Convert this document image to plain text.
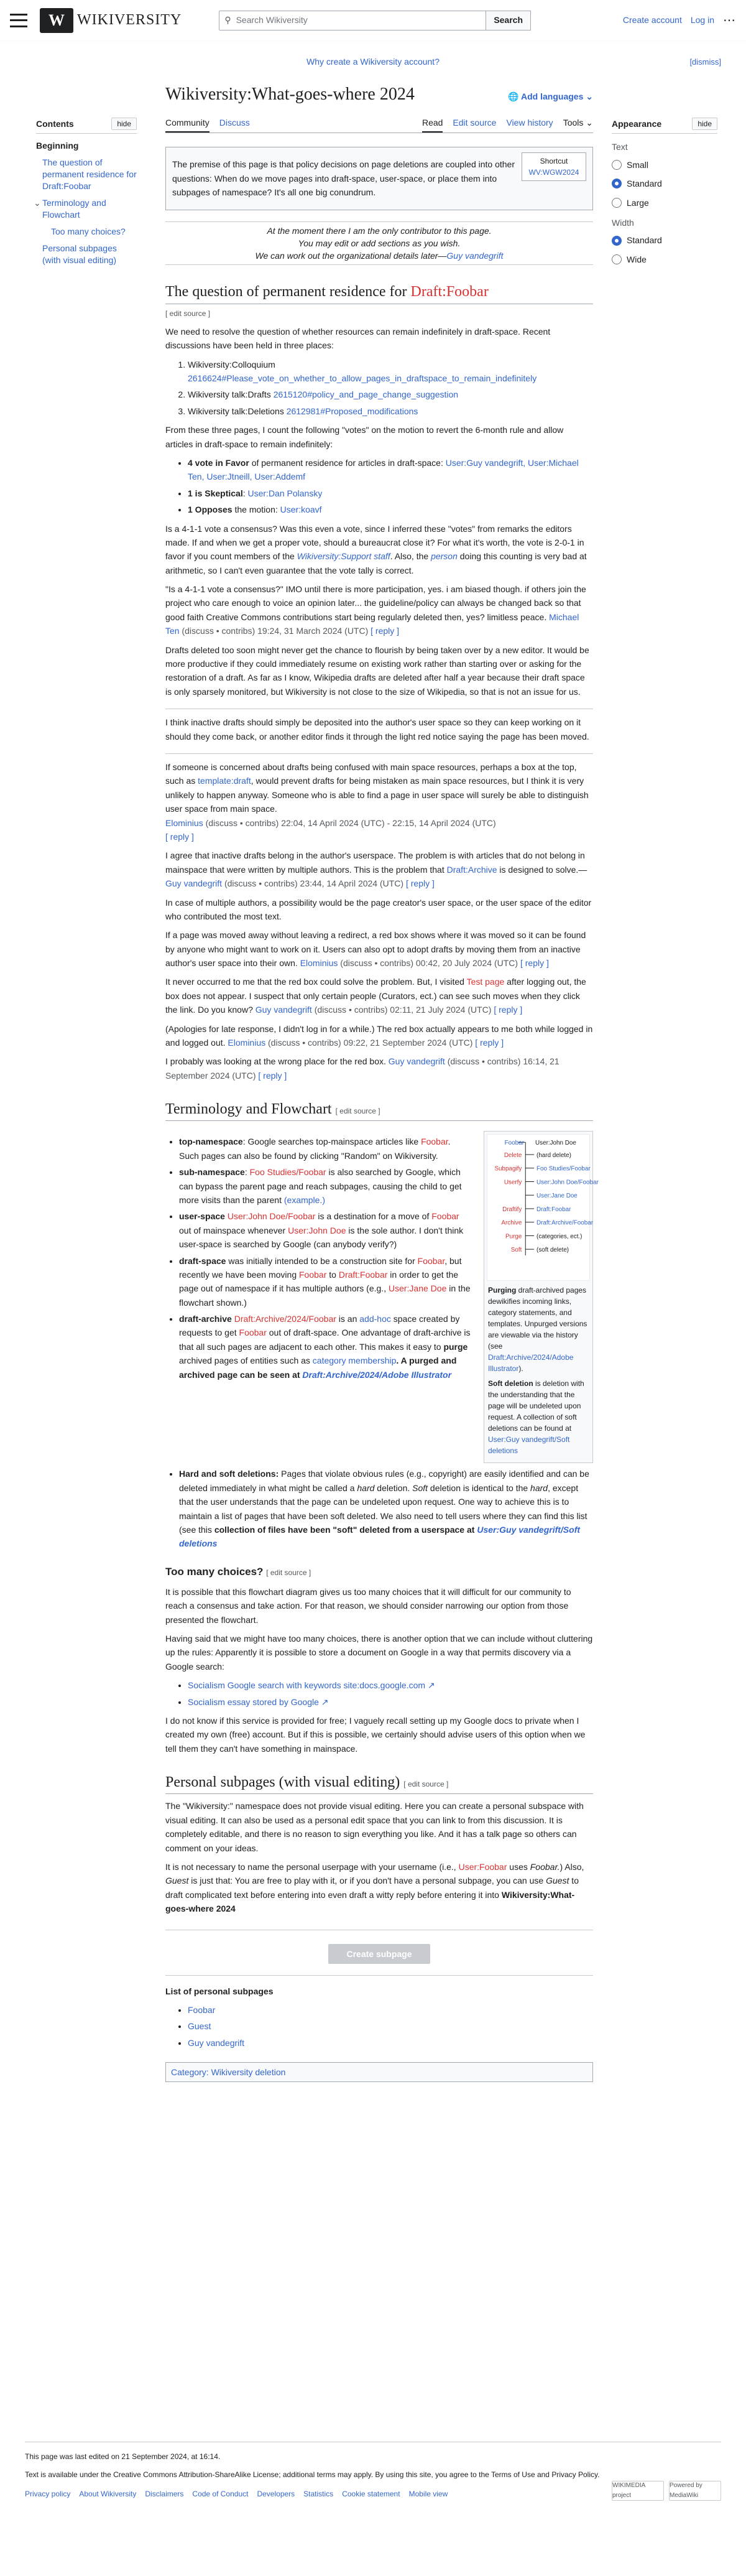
W WIKIVERSITY	⚲ Search Wikiversity	Search	Create account Log in ⋯
Why create a Wikiversity account?	[dismiss]
Contents	hide
Beginning
The question of permanent residence for Draft:Foobar
⌄ Terminology and Flowchart
Too many choices?
Personal subpages (with visual editing)
Appearance	hide
Text
Small
Standard
Large
Width
Standard
Wide
Wikiversity:What-goes-where 2024	🌐 Add languages ⌄
Community Discuss	Read Edit source View history Tools ⌄

The premise of this page is that policy decisions on page deletions are coupled into other questions: When do we move pages into draft-space, user-space, or place them into subpages of namespace? It's all one big conundrum.

Shortcut
WV:WGW2024
At the moment there I am the only contributor to this page.
You may edit or add sections as you wish.
We can work out the organizational details later—Guy vandegrift
The question of permanent residence for Draft:Foobar
[ edit source ]

We need to resolve the question of whether resources can remain indefinitely in draft-space. Recent discussions have been held in three places:

1. Wikiversity:Colloquium
2616624#Please_vote_on_whether_to_allow_pages_in_draftspace_to_remain_indefinitely
2. Wikiversity talk:Drafts 2615120#policy_and_page_change_suggestion
3. Wikiversity talk:Deletions 2612981#Proposed_modifications

From these three pages, I count the following "votes" on the motion to revert the 6-month rule and allow articles in draft-space to remain indefinitely:

• 4 vote in Favor of permanent residence for articles in draft-space: User:Guy vandegrift, User:Michael Ten, User:Jtneill, User:Addemf
• 1 is Skeptical: User:Dan Polansky
• 1 Opposes the motion: User:koavf

Is a 4-1-1 vote a consensus? Was this even a vote, since I inferred these "votes" from remarks the editors made. If and when we get a proper vote, should a bureaucrat close it? For what it's worth, the vote is 2-0-1 in favor if you count members of the Wikiversity:Support staff. Also, the person doing this counting is very bad at arithmetic, so I can't even guarantee that the vote tally is correct.

"Is a 4-1-1 vote a consensus?" IMO until there is more participation, yes. i am biased though. if others join the project who care enough to voice an opinion later... the guideline/policy can always be changed back so that good faith Creative Commons contributions start being regularly deleted then, yes? limitless peace. Michael Ten (discuss • contribs) 19:24, 31 March 2024 (UTC) [ reply ]

Drafts deleted too soon might never get the chance to flourish by being taken over by a new editor. It would be more productive if they could immediately resume on existing work rather than starting over or asking for the restoration of a draft. As far as I know, Wikipedia drafts are deleted after half a year because their draft space is only sparsely monitored, but Wikiversity is not close to the size of Wikipedia, so that is not an issue for us.

I think inactive drafts should simply be deposited into the author's user space so they can keep working on it should they come back, or another editor finds it through the light red notice saying the page has been moved.

If someone is concerned about drafts being confused with main space resources, perhaps a box at the top, such as template:draft, would prevent drafts for being mistaken as main space resources, but I think it is very unlikely to happen anyway. Someone who is able to find a page in user space will surely be able to distinguish user space from main space.
Elominius (discuss • contribs) 22:04, 14 April 2024 (UTC) - 22:15, 14 April 2024 (UTC)
[ reply ]

I agree that inactive drafts belong in the author's userspace. The problem is with articles that do not belong in mainspace that were written by multiple authors. This is the problem that Draft:Archive is designed to solve.—Guy vandegrift (discuss • contribs) 23:44, 14 April 2024 (UTC) [ reply ]

In case of multiple authors, a possibility would be the page creator's user space, or the user space of the editor who contributed the most text.

If a page was moved away without leaving a redirect, a red box shows where it was moved so it can be found by anyone who might want to work on it. Users can also opt to adopt drafts by moving them from an inactive author's user space into their own. Elominius (discuss • contribs) 00:42, 20 July 2024 (UTC) [ reply ]

It never occurred to me that the red box could solve the problem. But, I visited Test page after logging out, the box does not appear. I suspect that only certain people (Curators, ect.) can see such moves when they click the link. Do you know? Guy vandegrift (discuss • contribs) 02:11, 21 July 2024 (UTC) [ reply ]

(Apologies for late response, I didn't log in for a while.) The red box actually appears to me both while logged in and logged out. Elominius (discuss • contribs) 09:22, 21 September 2024 (UTC) [ reply ]

I probably was looking at the wrong place for the red box. Guy vandegrift (discuss • contribs) 16:14, 21 September 2024 (UTC) [ reply ]

Terminology and Flowchart [ edit source ]
• top-namespace: Google searches top-mainspace articles like Foobar. Such pages can also be found by clicking "Random" on Wikiversity.
• sub-namespace: Foo Studies/Foobar is also searched by Google, which can bypass the parent page and reach subpages, causing the child to get more visits than the parent (example.)
• user-space User:John Doe/Foobar is a destination for a move of Foobar out of mainspace whenever User:John Doe is the sole author. I don't think user-space is searched by Google (can anybody verify?)
• draft-space was initially intended to be a construction site for Foobar, but recently we have been moving Foobar to Draft:Foobar in order to get the page out of namespace if it has multiple authors (e.g., User:Jane Doe in the flowchart shown.)
• draft-archive Draft:Archive/2024/Foobar is an add-hoc space created by requests to get Foobar out of draft-space. One advantage of draft-archive is that all such pages are adjacent to each other. This makes it easy to purge archived pages of entities such as category membership. A purged and archived page can be seen at Draft:Archive/2024/Adobe Illustrator
Delete (hard delete)
Subpagify Foo Studies/Foobar
Userfy User:John Doe/Foobar
User:Jane Doe
Draftify Draft:Foobar
Archive Draft:Archive/Foobar
Purge (categories, ect.)
Soft (soft delete)
Foobar User:John Doe

Purging draft-archived pages dewikifies incoming links, category statements, and templates. Unpurged versions are viewable via the history (see Draft:Archive/2024/Adobe Illustrator).

Soft deletion is deletion with the understanding that the page will be undeleted upon request. A collection of soft deletions can be found at User:Guy vandegrift/Soft deletions

• Hard and soft deletions: Pages that violate obvious rules (e.g., copyright) are easily identified and can be deleted immediately in what might be called a hard deletion. Soft deletion is identical to the hard, except that the user understands that the page can be undeleted upon request. One way to achieve this is to maintain a list of pages that have been soft deleted. We also need to tell users where they can find this list (see this collection of files have been "soft" deleted from a userspace at User:Guy vandegrift/Soft deletions
Too many choices? [ edit source ]

It is possible that this flowchart diagram gives us too many choices that it will difficult for our community to reach a consensus and take action. For that reason, we should consider narrowing our option from those presented the flowchart.

Having said that we might have too many choices, there is another option that we can include without cluttering up the rules: Apparently it is possible to store a document on Google in a way that permits discovery via a Google search:

• Socialism Google search with keywords site:docs.google.com ↗
• Socialism essay stored by Google ↗

I do not know if this service is provided for free; I vaguely recall setting up my Google docs to private when I created my own (free) account. But if this is possible, we certainly should advise users of this option when we tell them they can't have something in mainspace.

Personal subpages (with visual editing) [ edit source ]

The "Wikiversity:" namespace does not provide visual editing. Here you can create a personal subspace with visual editing. It can also be used as a personal edit space that you can link to from this discussion. It is completely editable, and there is no reason to sign everything you like. And it has a talk page so others can comment on your ideas.

It is not necessary to name the personal userpage with your username (i.e., User:Foobar uses Foobar.) Also, Guest is just that: You are free to play with it, or if you don't have a personal subpage, you can use Guest to draft complicated text before entering into even draft a witty reply before entering it into Wikiversity:What-goes-where 2024

Create subpage

List of personal subpages

• Foobar
• Guest
• Guy vandegrift
Category: Wikiversity deletion

This page was last edited on 21 September 2024, at 16:14.

Text is available under the Creative Commons Attribution-ShareAlike License; additional terms may apply. By using this site, you agree to the Terms of Use and Privacy Policy.

Privacy policy About Wikiversity Disclaimers Code of Conduct Developers Statistics Cookie statement Mobile view
WIKIMEDIA project
Powered by MediaWiki
